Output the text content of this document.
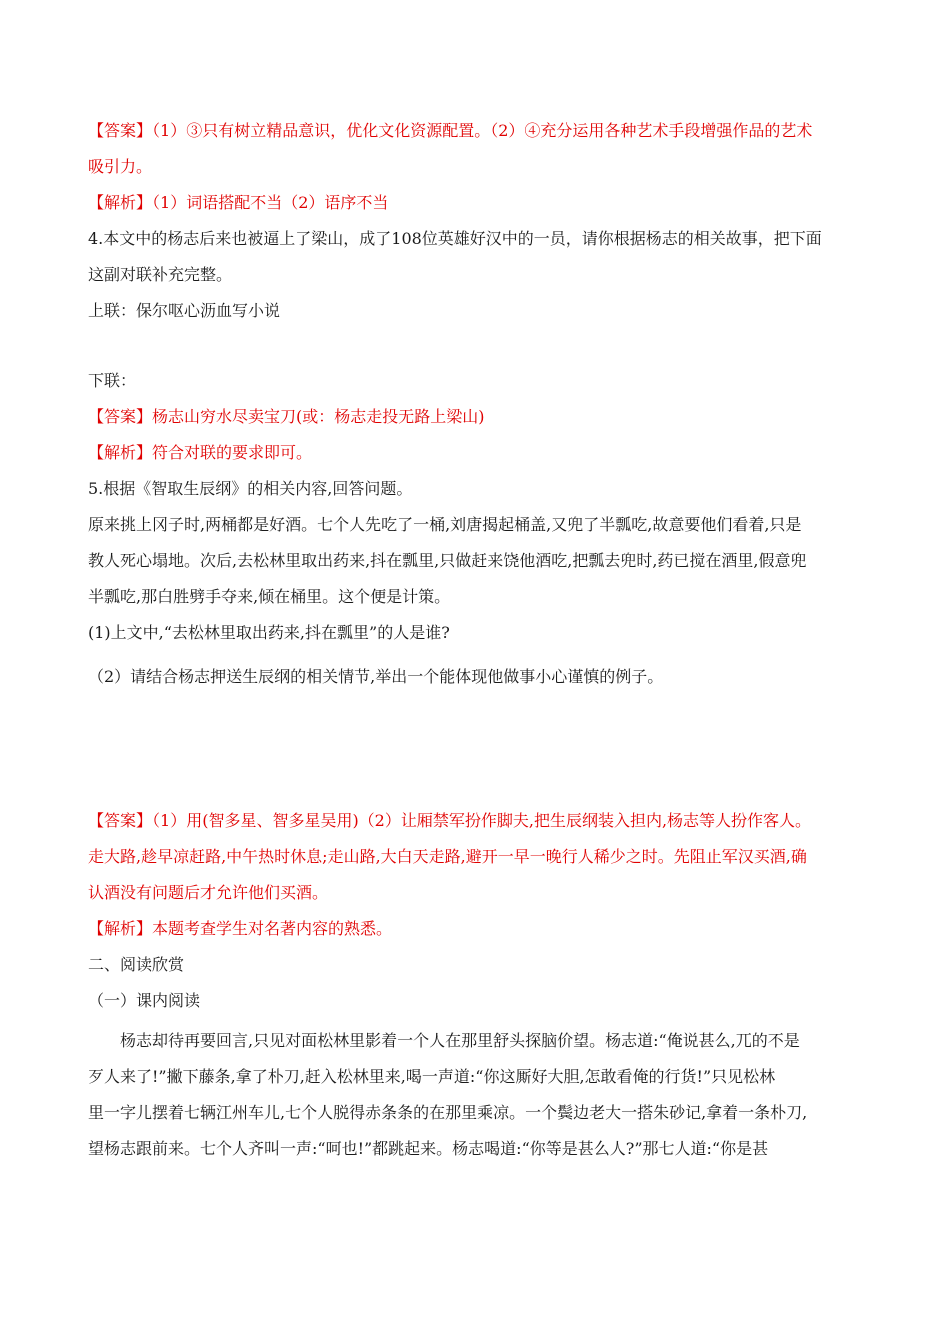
【答案】（1）③只有树立精品意识，优化文化资源配置。（2）④充分运用各种艺术手段增强作品的艺术

吸引力。

【解析】（1）词语搭配不当（2）语序不当

4.本文中的杨志后来也被逼上了梁山，成了108位英雄好汉中的一员，请你根据杨志的相关故事，把下面

这副对联补充完整。

上联：保尔呕心沥血写小说

下联：

【答案】杨志山穷水尽卖宝刀(或：杨志走投无路上梁山)

【解析】符合对联的要求即可。

5.根据《智取生辰纲》的相关内容,回答问题。

原来挑上冈子时,两桶都是好酒。七个人先吃了一桶,刘唐揭起桶盖,又兜了半瓢吃,故意要他们看着,只是

教人死心塌地。次后,去松林里取出药来,抖在瓢里,只做赶来饶他酒吃,把瓢去兜时,药已搅在酒里,假意兜

半瓢吃,那白胜劈手夺来,倾在桶里。这个便是计策。

(1)上文中,“去松林里取出药来,抖在瓢里”的人是谁?

（2）请结合杨志押送生辰纲的相关情节,举出一个能体现他做事小心谨慎的例子。

【答案】（1）用(智多星、智多星吴用)（2）让厢禁军扮作脚夫,把生辰纲装入担内,杨志等人扮作客人。

走大路,趁早凉赶路,中午热时休息;走山路,大白天走路,避开一早一晚行人稀少之时。先阻止军汉买酒,确

认酒没有问题后才允许他们买酒。

【解析】本题考查学生对名著内容的熟悉。

二、阅读欣赏

（一）课内阅读

杨志却待再要回言,只见对面松林里影着一个人在那里舒头探脑价望。杨志道:“俺说甚么,兀的不是

歹人来了!”撇下藤条,拿了朴刀,赶入松林里来,喝一声道:“你这厮好大胆,怎敢看俺的行货!”只见松林

里一字儿摆着七辆江州车儿,七个人脱得赤条条的在那里乘凉。一个鬓边老大一搭朱砂记,拿着一条朴刀,

望杨志跟前来。七个人齐叫一声:“呵也!”都跳起来。杨志喝道:“你等是甚么人?”那七人道:“你是甚
